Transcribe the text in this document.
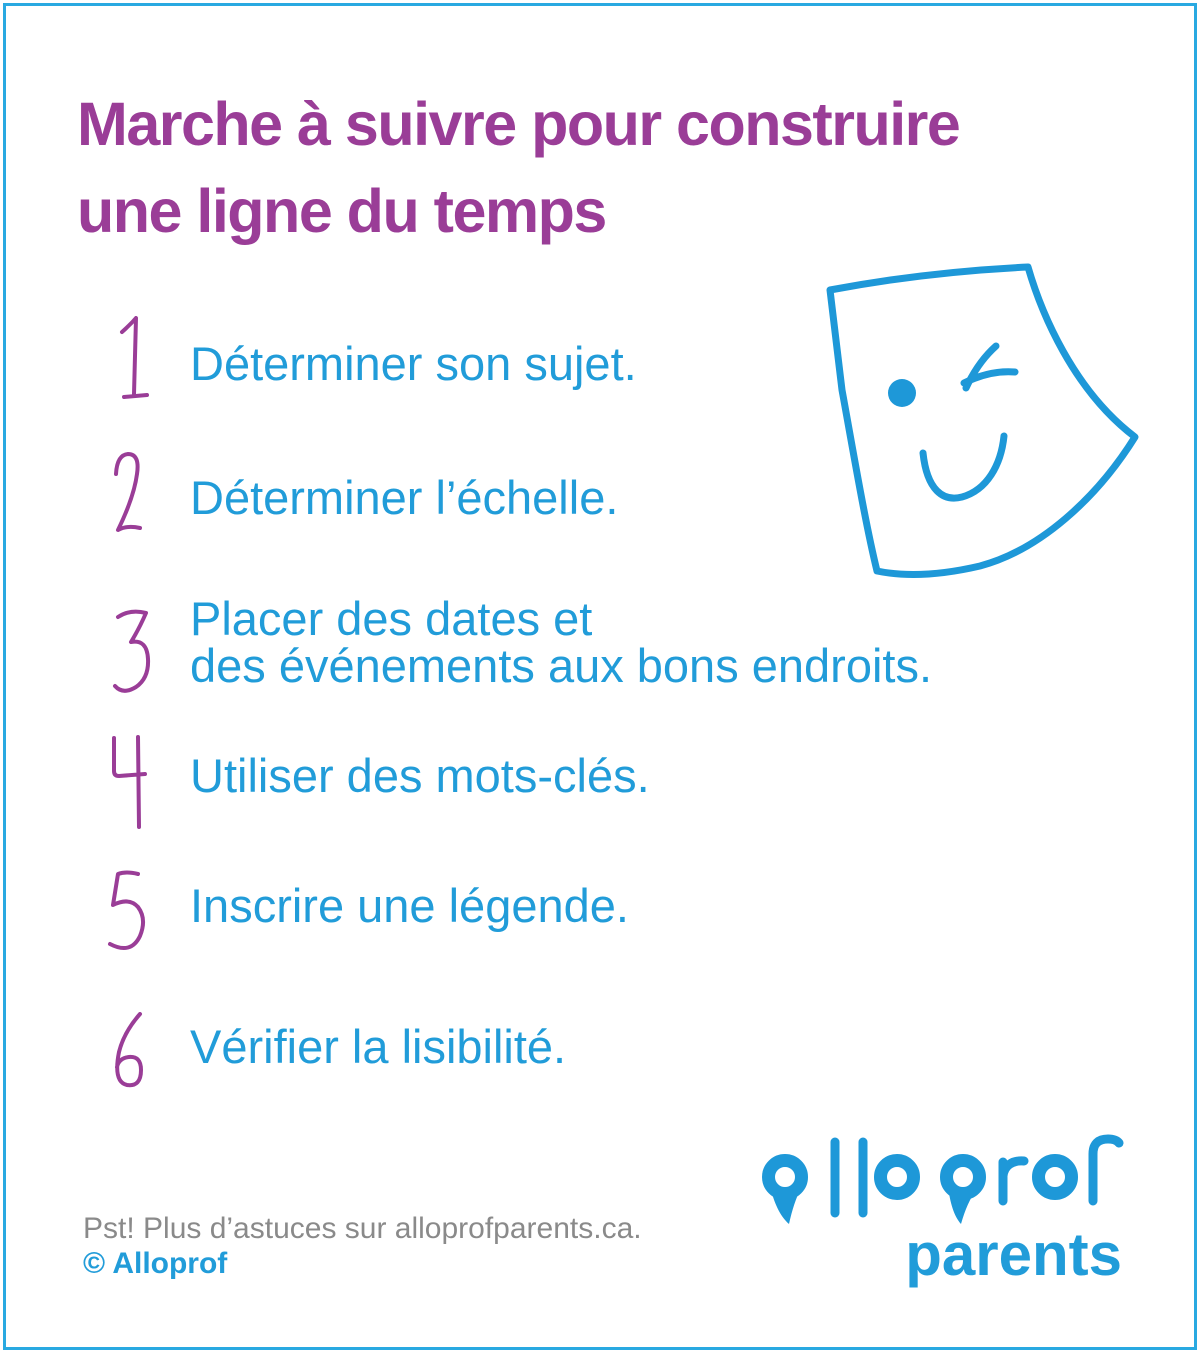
Marche à suivre pour construire
une ligne du temps
Déterminer son sujet.
Déterminer l’échelle.
Placer des dates et
des événements aux bons endroits.
Utiliser des mots-clés.
Inscrire une légende.
Vérifier la lisibilité.
parents
Pst! Plus d’astuces sur alloprofparents.ca.
© Alloprof
